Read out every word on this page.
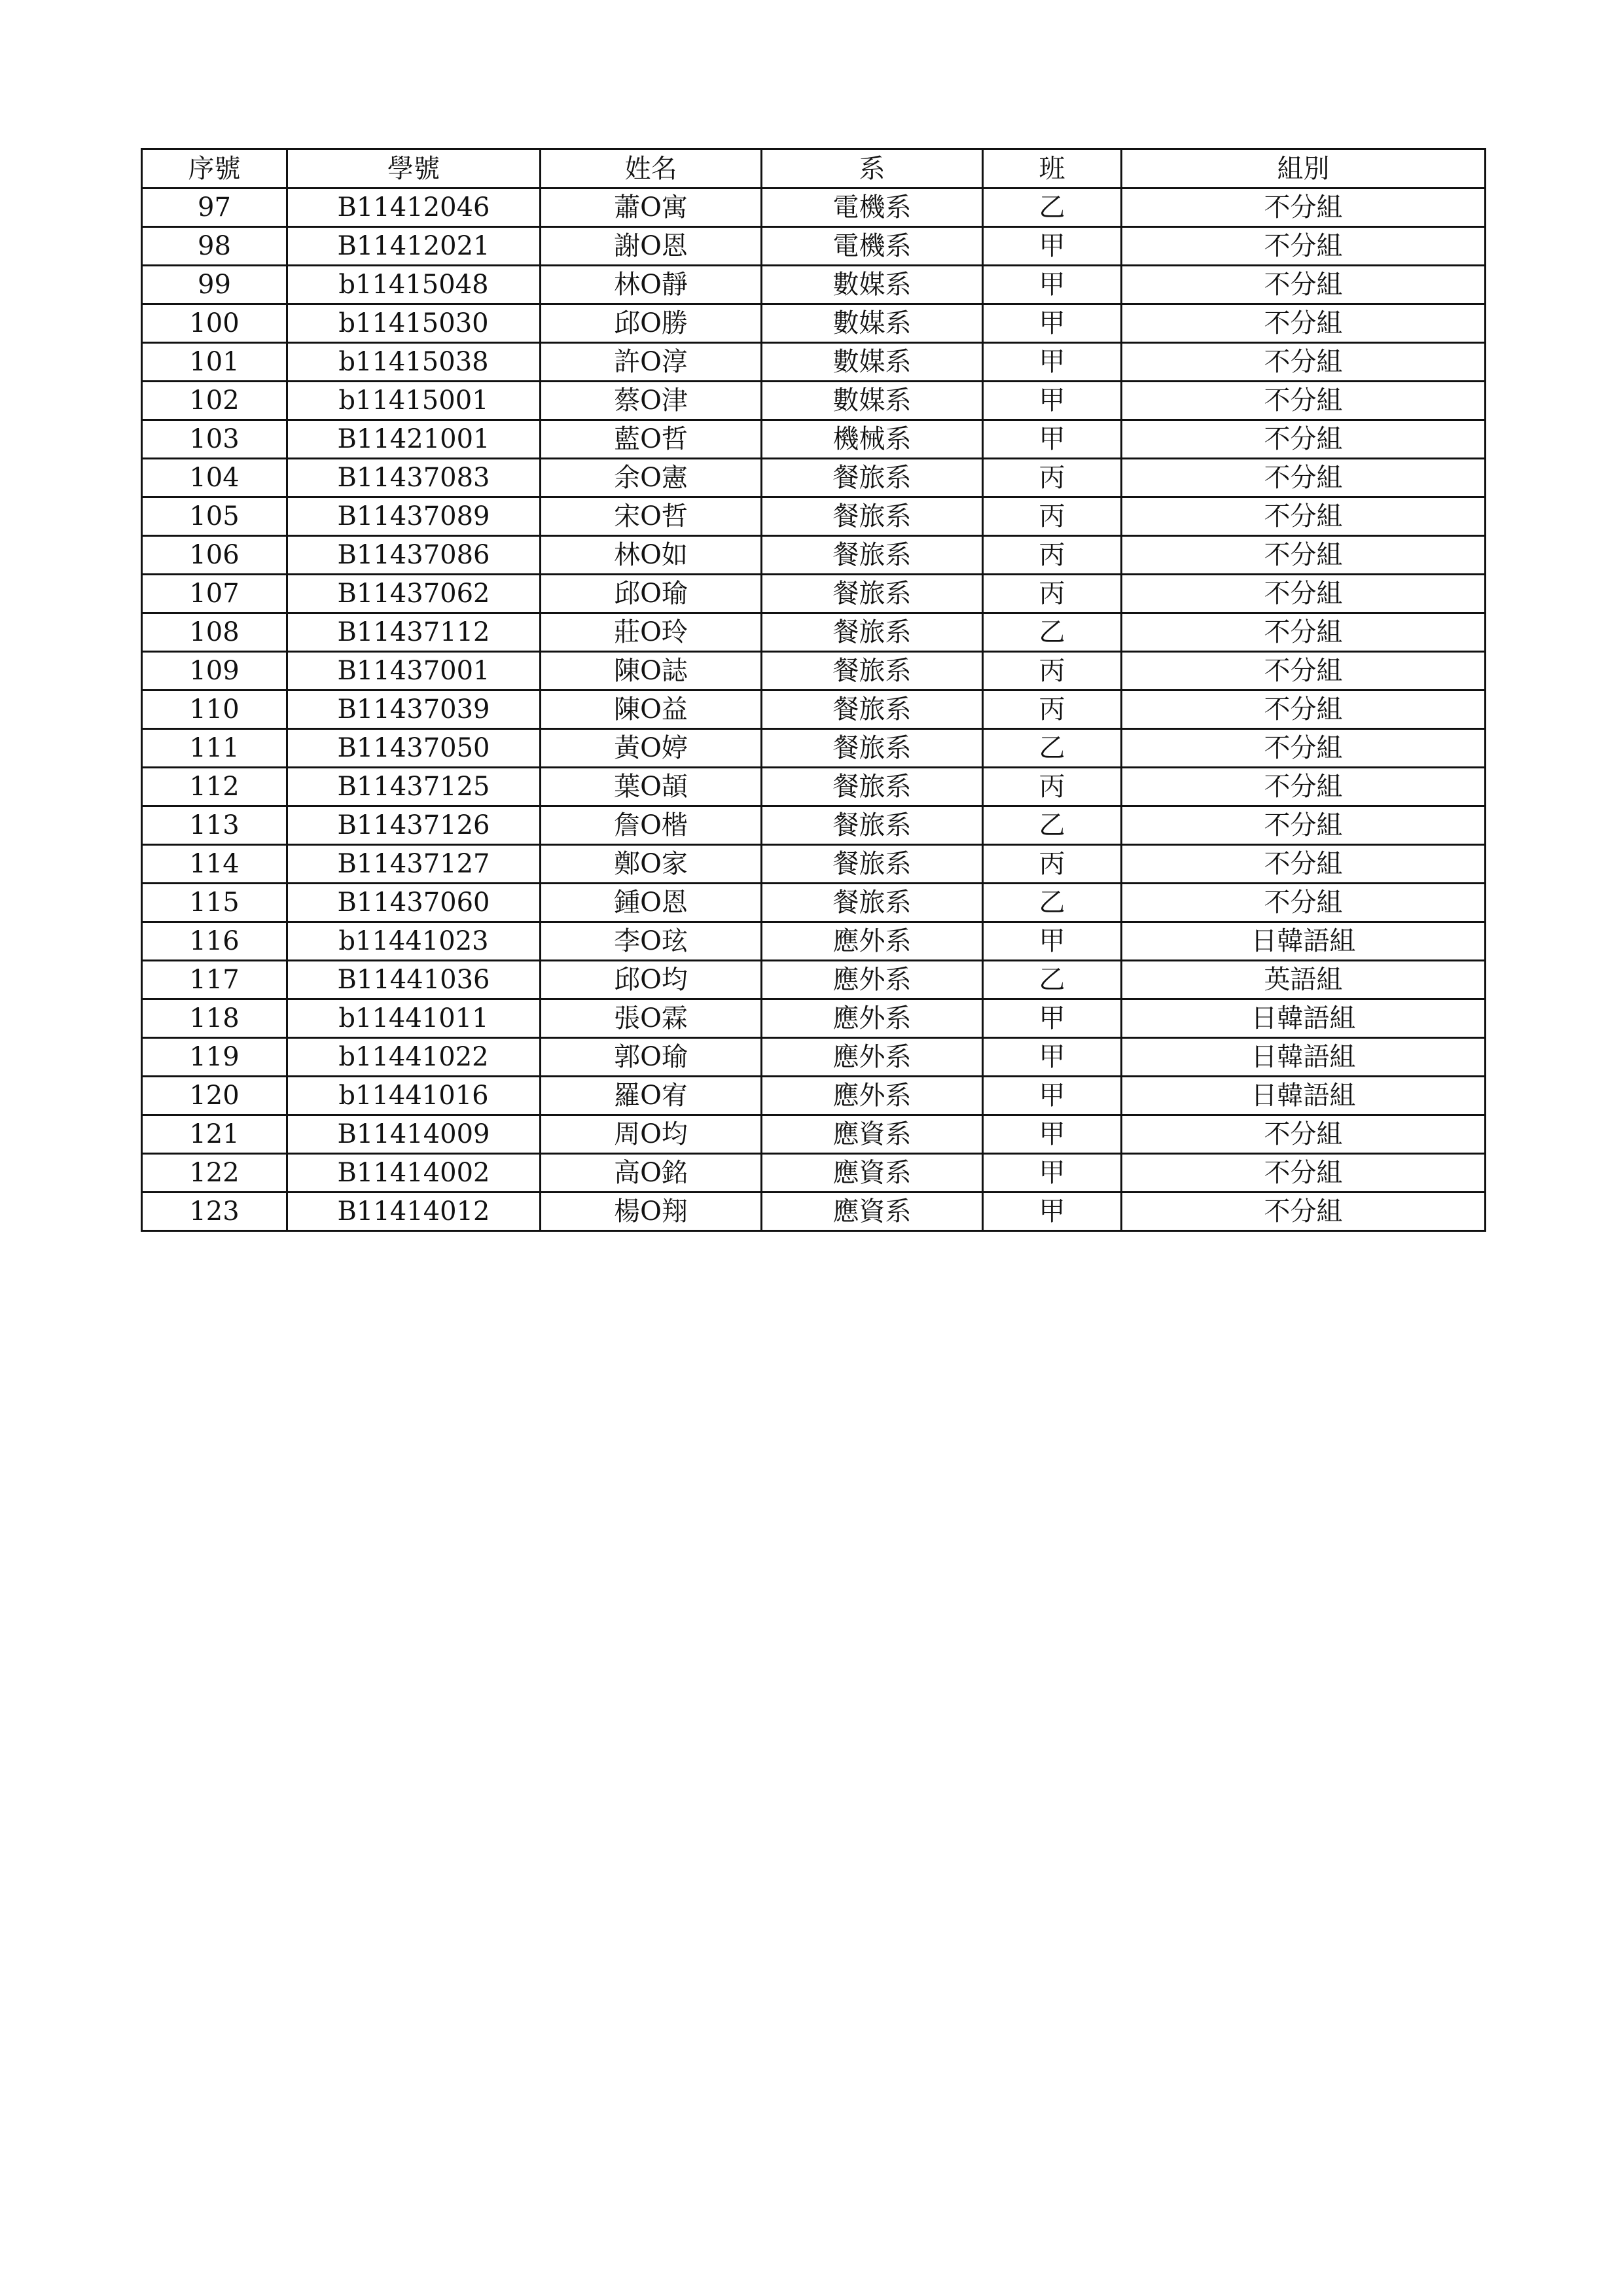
序號	學號	姓名	系	班	組別
97	B11412046	蕭O寓	電機系	乙	不分組
98	B11412021	謝O恩	電機系	甲	不分組
99	b11415048	林O靜	數媒系	甲	不分組
100	b11415030	邱O勝	數媒系	甲	不分組
101	b11415038	許O淳	數媒系	甲	不分組
102	b11415001	蔡O津	數媒系	甲	不分組
103	B11421001	藍O哲	機械系	甲	不分組
104	B11437083	余O憲	餐旅系	丙	不分組
105	B11437089	宋O哲	餐旅系	丙	不分組
106	B11437086	林O如	餐旅系	丙	不分組
107	B11437062	邱O瑜	餐旅系	丙	不分組
108	B11437112	莊O玲	餐旅系	乙	不分組
109	B11437001	陳O誌	餐旅系	丙	不分組
110	B11437039	陳O益	餐旅系	丙	不分組
111	B11437050	黃O婷	餐旅系	乙	不分組
112	B11437125	葉O頡	餐旅系	丙	不分組
113	B11437126	詹O楷	餐旅系	乙	不分組
114	B11437127	鄭O家	餐旅系	丙	不分組
115	B11437060	鍾O恩	餐旅系	乙	不分組
116	b11441023	李O玹	應外系	甲	日韓語組
117	B11441036	邱O均	應外系	乙	英語組
118	b11441011	張O霖	應外系	甲	日韓語組
119	b11441022	郭O瑜	應外系	甲	日韓語組
120	b11441016	羅O宥	應外系	甲	日韓語組
121	B11414009	周O均	應資系	甲	不分組
122	B11414002	高O銘	應資系	甲	不分組
123	B11414012	楊O翔	應資系	甲	不分組
